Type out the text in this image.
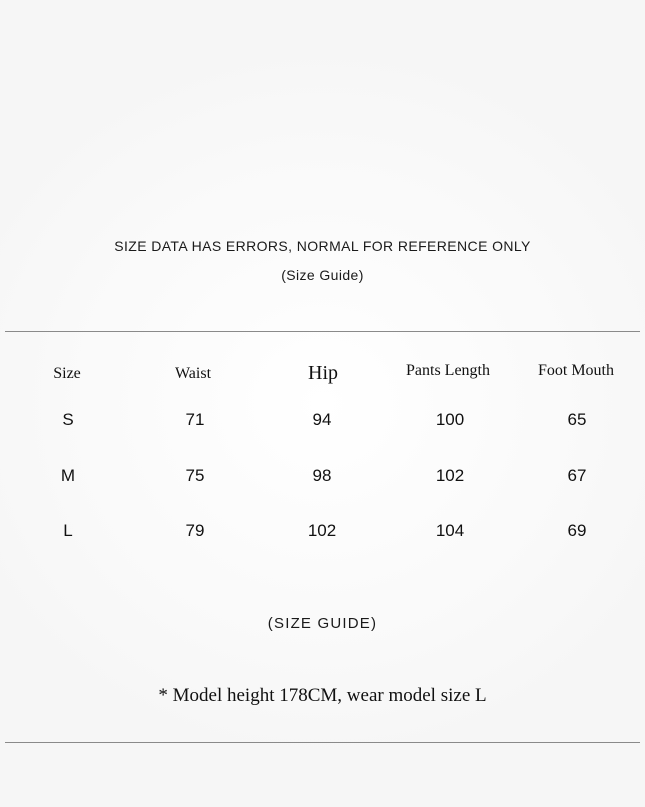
SIZE DATA HAS ERRORS, NORMAL FOR REFERENCE ONLY
(Size Guide)
Size	Waist	Hip	Pants Length	Foot Mouth
S	71	94	100	65
M	75	98	102	67
L	79	102	104	69
(SIZE GUIDE)
* Model height 178CM, wear model size L
